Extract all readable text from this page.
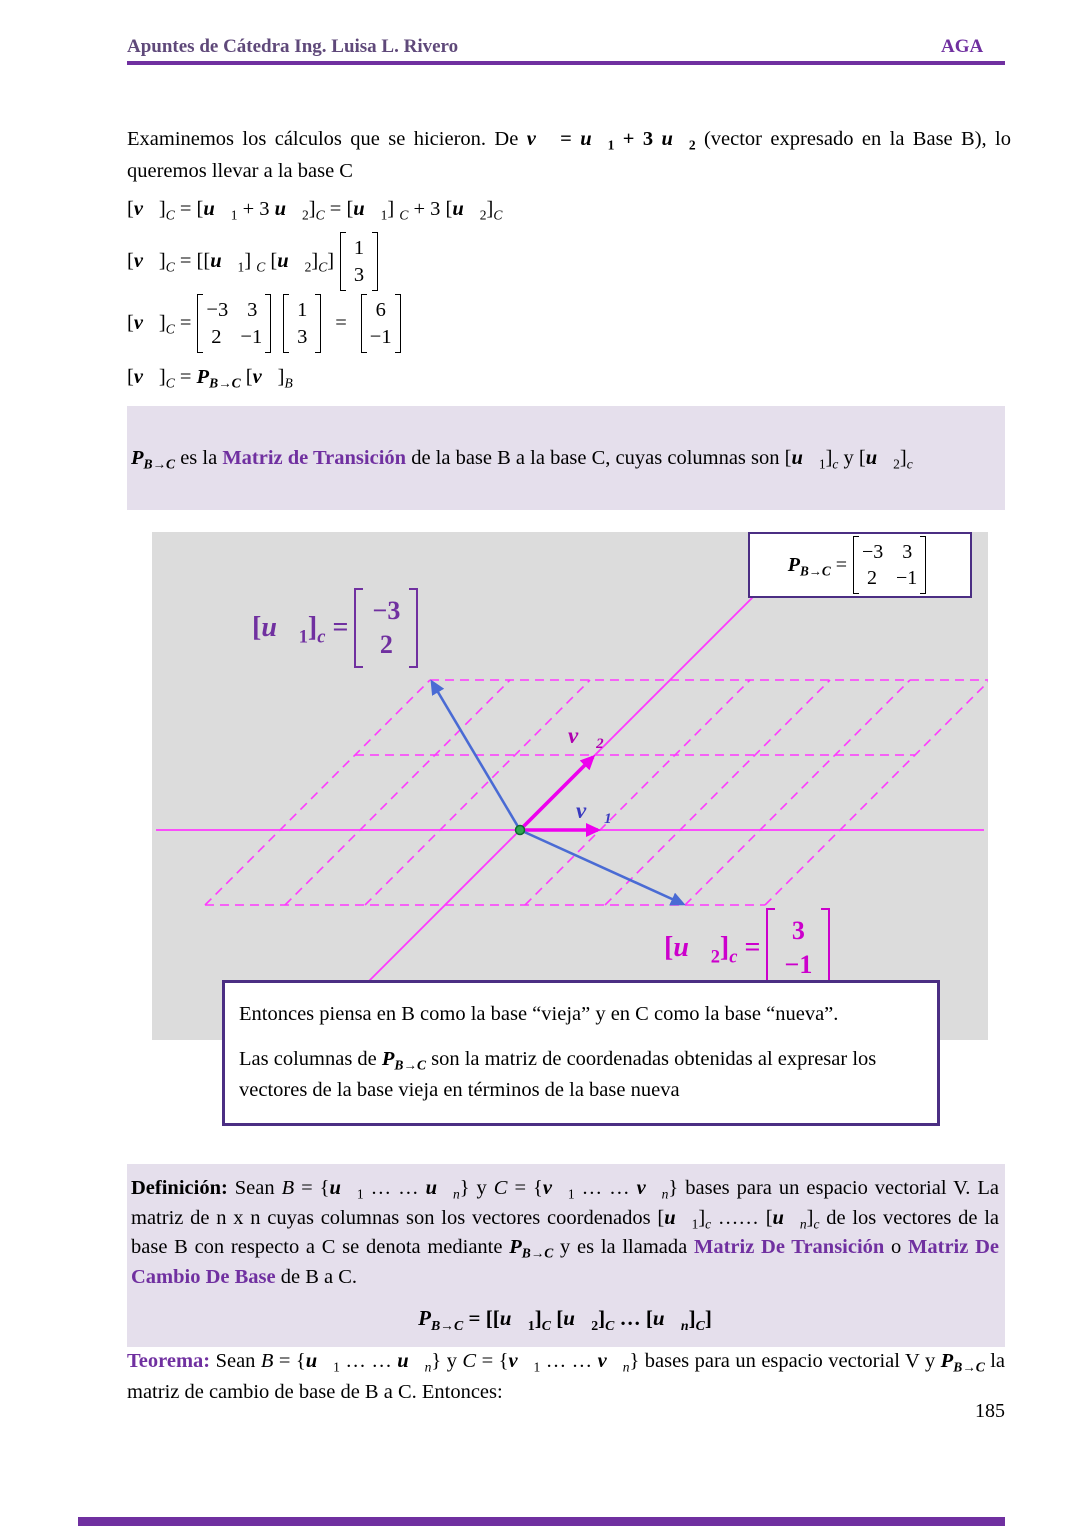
Apuntes de Cátedra Ing. Luisa L. Rivero	AGA

Examinemos los cálculos que se hicieron. De v⃗ = $u⃗_1 + 3$ $u⃗_2$ (vector expresado en la Base B), lo queremos llevar a la base C

$[v⃗]_C$ = [$u⃗_1 + 3$ $u⃗_2]_C$ = $[u⃗_1] _C + 3$ $[u⃗_2]_C$
$[v⃗]_C$ = [$[u⃗_1]$ $_C$ $[u⃗_2]_C$]
1
3
$[v⃗]_C$ =
−3 3
2 −1
1
3
=
6
−1
$[v⃗]_C = P_{B\to C}$ $[v⃗]_B$
$P_{B\to C}$ es la Matriz de Transición de la base B a la base C, cuyas columnas son $[u⃗_1]_c$ y $[u⃗_2]_c$
$v⃗_2$
$v⃗_1$
$P_{B\to C}$ =
−3 3
2 −1
$[u⃗_1]_c$ =
−3
2
$[u⃗_2]_c$ =
3
−1

Entonces piensa en B como la base “vieja” y en C como la base “nueva”.

Las columnas de $P_{B\to C}$ son la matriz de coordenadas obtenidas al expresar los vectores de la base vieja en términos de la base nueva

Definición: Sean $B = \{u⃗_1$ … … $u⃗_n$} y $C = \{v⃗_1$ … … $v⃗_n$} bases para un espacio vectorial V. La matriz de n x n cuyas columnas son los vectores coordenados $[u⃗_1]_c$ …… $[u⃗_n]_c$ de los vectores de la base B con respecto a C se denota mediante $P_{B\to C}$ y es la llamada Matriz De Transición o Matriz De Cambio De Base de B a C.
$P_{B\to C}$ = [$[u⃗_1]_C$ $[u⃗_2]_C$ … $[u⃗_n]_C$]

Teorema: Sean $B = \{u⃗_1$ … … $u⃗_n$} y $C = \{v⃗_1$ … … $v⃗_n$} bases para un espacio vectorial V y $P_{B\to C}$ la matriz de cambio de base de B a C. Entonces:

185
